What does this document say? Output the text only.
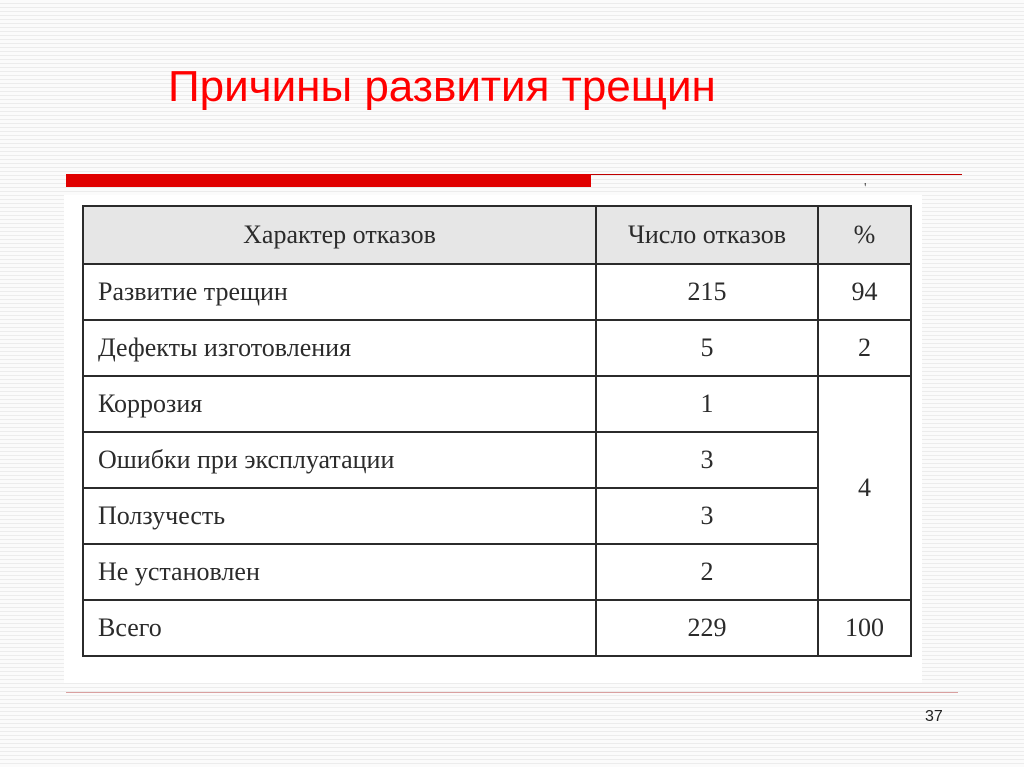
Причины развития трещин
'
Характер отказов	Число отказов	%
Развитие трещин	215	94
Дефекты изготовления	5	2
Коррозия	1	4
Ошибки при эксплуатации	3	
Ползучесть	3	
Не установлен	2	
Всего	229	100
37
